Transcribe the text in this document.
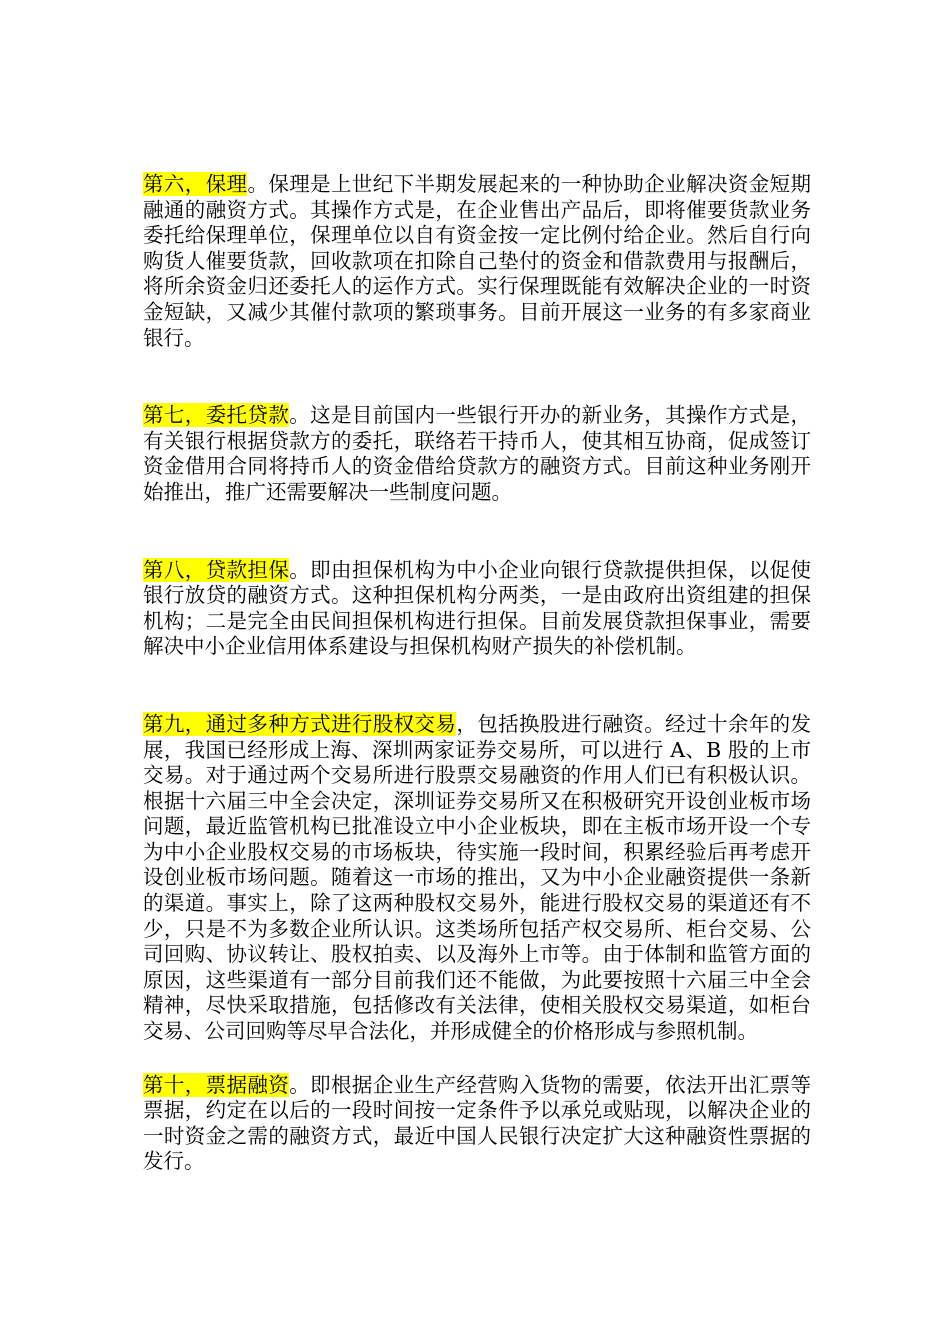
第六，保理。保理是上世纪下半期发展起来的一种协助企业解决资金短期融通的融资方式。其操作方式是，在企业售出产品后，即将催要货款业务委托给保理单位，保理单位以自有资金按一定比例付给企业。然后自行向购货人催要货款，回收款项在扣除自己垫付的资金和借款费用与报酬后，将所余资金归还委托人的运作方式。实行保理既能有效解决企业的一时资金短缺，又减少其催付款项的繁琐事务。目前开展这一业务的有多家商业银行。

第七，委托贷款。这是目前国内一些银行开办的新业务，其操作方式是，有关银行根据贷款方的委托，联络若干持币人，使其相互协商，促成签订资金借用合同将持币人的资金借给贷款方的融资方式。目前这种业务刚开始推出，推广还需要解决一些制度问题。

第八，贷款担保。即由担保机构为中小企业向银行贷款提供担保，以促使银行放贷的融资方式。这种担保机构分两类，一是由政府出资组建的担保机构；二是完全由民间担保机构进行担保。目前发展贷款担保事业，需要解决中小企业信用体系建设与担保机构财产损失的补偿机制。

第九，通过多种方式进行股权交易，包括换股进行融资。经过十余年的发展，我国已经形成上海、深圳两家证券交易所，可以进行 A、B 股的上市交易。对于通过两个交易所进行股票交易融资的作用人们已有积极认识。根据十六届三中全会决定，深圳证券交易所又在积极研究开设创业板市场问题，最近监管机构已批准设立中小企业板块，即在主板市场开设一个专为中小企业股权交易的市场板块，待实施一段时间，积累经验后再考虑开设创业板市场问题。随着这一市场的推出，又为中小企业融资提供一条新的渠道。事实上，除了这两种股权交易外，能进行股权交易的渠道还有不少，只是不为多数企业所认识。这类场所包括产权交易所、柜台交易、公司回购、协议转让、股权拍卖、以及海外上市等。由于体制和监管方面的原因，这些渠道有一部分目前我们还不能做，为此要按照十六届三中全会精神，尽快采取措施，包括修改有关法律，使相关股权交易渠道，如柜台交易、公司回购等尽早合法化，并形成健全的价格形成与参照机制。

第十，票据融资。即根据企业生产经营购入货物的需要，依法开出汇票等票据，约定在以后的一段时间按一定条件予以承兑或贴现，以解决企业的一时资金之需的融资方式，最近中国人民银行决定扩大这种融资性票据的发行。
